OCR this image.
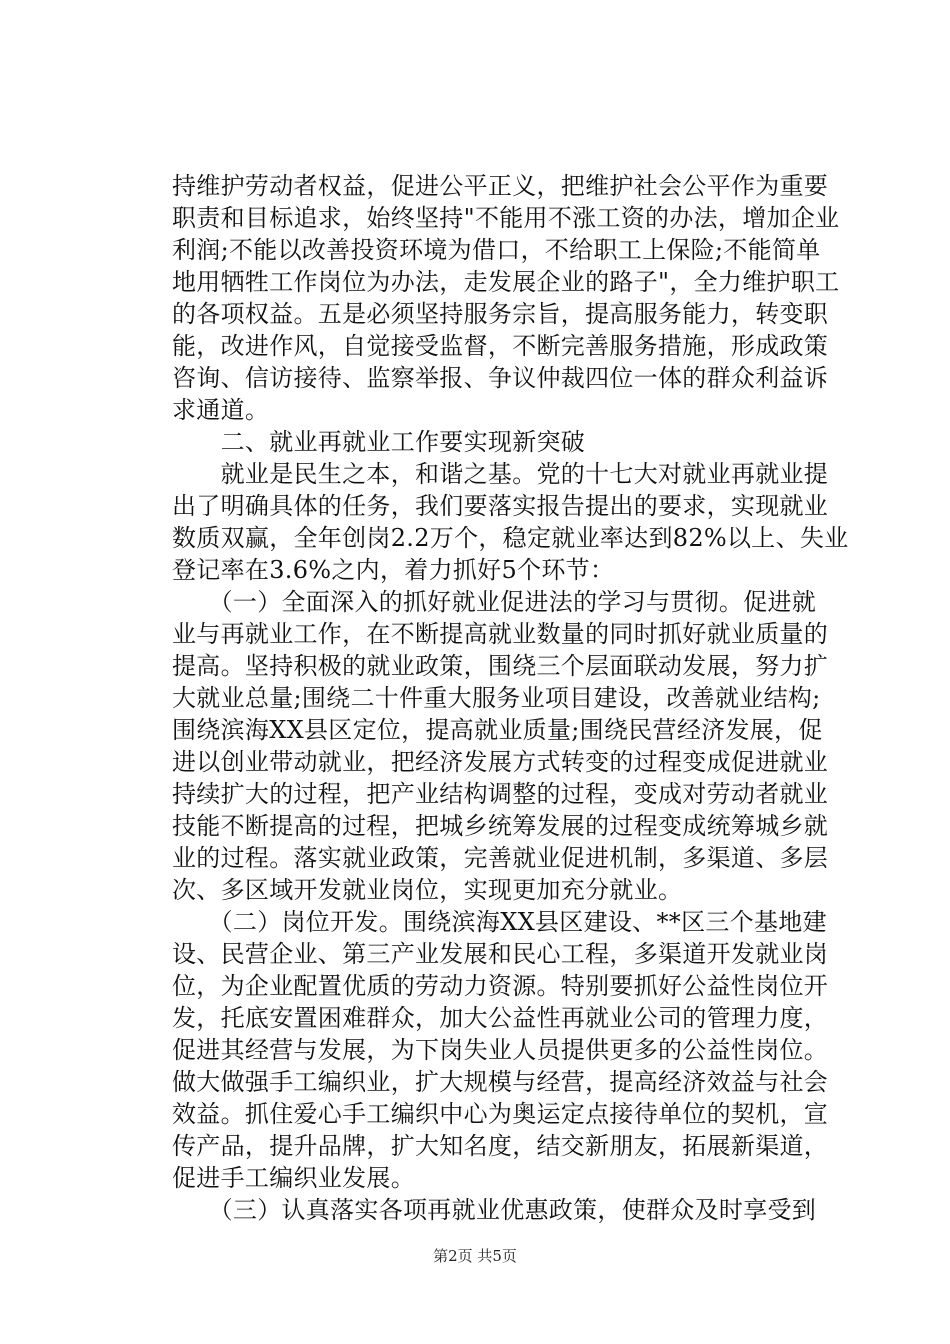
持维护劳动者权益，促进公平正义，把维护社会公平作为重要
职责和目标追求，始终坚持"不能用不涨工资的办法，增加企业
利润;不能以改善投资环境为借口，不给职工上保险;不能简单
地用牺牲工作岗位为办法，走发展企业的路子"，全力维护职工
的各项权益。五是必须坚持服务宗旨，提高服务能力，转变职
能，改进作风，自觉接受监督，不断完善服务措施，形成政策
咨询、信访接待、监察举报、争议仲裁四位一体的群众利益诉
求通道。
　　二、就业再就业工作要实现新突破
　　就业是民生之本，和谐之基。党的十七大对就业再就业提
出了明确具体的任务，我们要落实报告提出的要求，实现就业
数质双赢，全年创岗2.2万个，稳定就业率达到82%以上、失业
登记率在3.6%之内，着力抓好5个环节：
　　（一）全面深入的抓好就业促进法的学习与贯彻。促进就
业与再就业工作，在不断提高就业数量的同时抓好就业质量的
提高。坚持积极的就业政策，围绕三个层面联动发展，努力扩
大就业总量;围绕二十件重大服务业项目建设，改善就业结构;
围绕滨海XX县区定位，提高就业质量;围绕民营经济发展，促
进以创业带动就业，把经济发展方式转变的过程变成促进就业
持续扩大的过程，把产业结构调整的过程，变成对劳动者就业
技能不断提高的过程，把城乡统筹发展的过程变成统筹城乡就
业的过程。落实就业政策，完善就业促进机制，多渠道、多层
次、多区域开发就业岗位，实现更加充分就业。
　　（二）岗位开发。围绕滨海XX县区建设、**区三个基地建
设、民营企业、第三产业发展和民心工程，多渠道开发就业岗
位，为企业配置优质的劳动力资源。特别要抓好公益性岗位开
发，托底安置困难群众，加大公益性再就业公司的管理力度，
促进其经营与发展，为下岗失业人员提供更多的公益性岗位。
做大做强手工编织业，扩大规模与经营，提高经济效益与社会
效益。抓住爱心手工编织中心为奥运定点接待单位的契机，宣
传产品，提升品牌，扩大知名度，结交新朋友，拓展新渠道，
促进手工编织业发展。
　　（三）认真落实各项再就业优惠政策，使群众及时享受到
第2页 共5页
